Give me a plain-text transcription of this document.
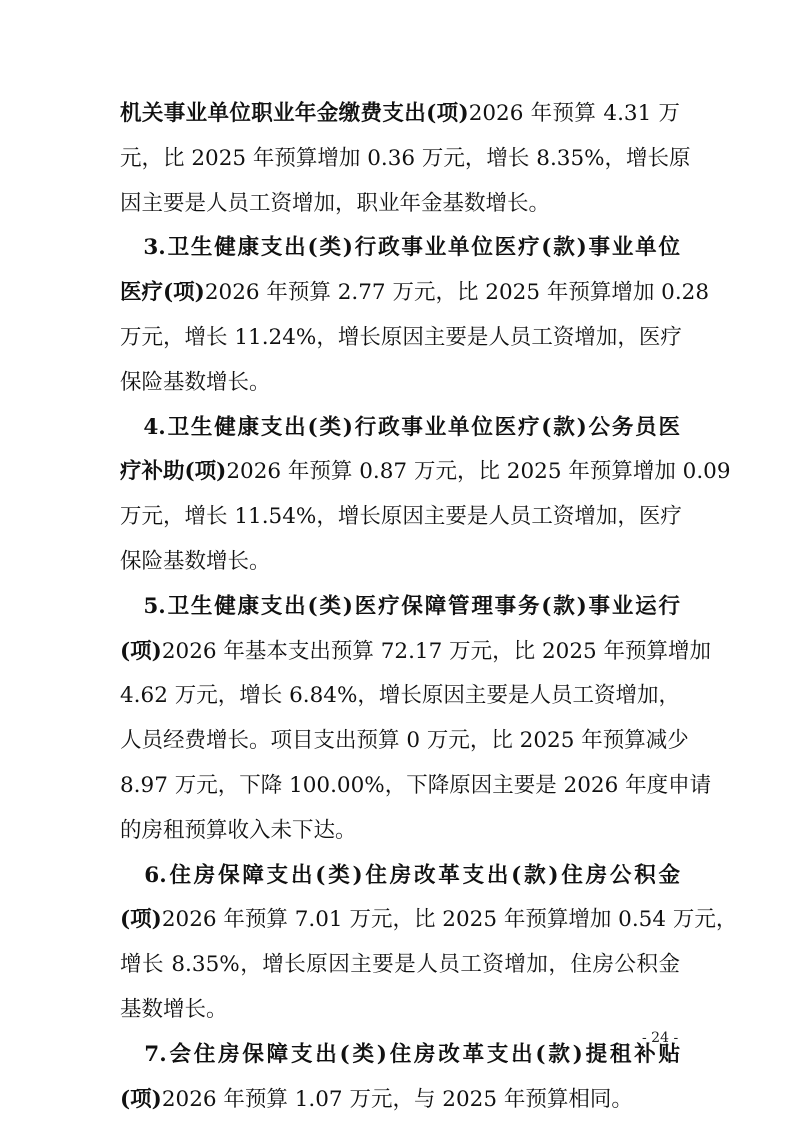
机关事业单位职业年金缴费支出(项)2026 年预算 4.31 万
元，比 2025 年预算增加 0.36 万元，增长 8.35%，增长原
因主要是人员工资增加，职业年金基数增长。
　3.卫生健康支出(类)行政事业单位医疗(款)事业单位
医疗(项)2026 年预算 2.77 万元，比 2025 年预算增加 0.28
万元，增长 11.24%，增长原因主要是人员工资增加，医疗
保险基数增长。
　4.卫生健康支出(类)行政事业单位医疗(款)公务员医
疗补助(项)2026 年预算 0.87 万元，比 2025 年预算增加 0.09
万元，增长 11.54%，增长原因主要是人员工资增加，医疗
保险基数增长。
　5.卫生健康支出(类)医疗保障管理事务(款)事业运行
(项)2026 年基本支出预算 72.17 万元，比 2025 年预算增加
4.62 万元，增长 6.84%，增长原因主要是人员工资增加，
人员经费增长。项目支出预算 0 万元，比 2025 年预算减少
8.97 万元，下降 100.00%，下降原因主要是 2026 年度申请
的房租预算收入未下达。
　6.住房保障支出(类)住房改革支出(款)住房公积金
(项)2026 年预算 7.01 万元，比 2025 年预算增加 0.54 万元，
增长 8.35%，增长原因主要是人员工资增加，住房公积金
基数增长。
　7.会住房保障支出(类)住房改革支出(款)提租补贴
(项)2026 年预算 1.07 万元，与 2025 年预算相同。
- 24 -
